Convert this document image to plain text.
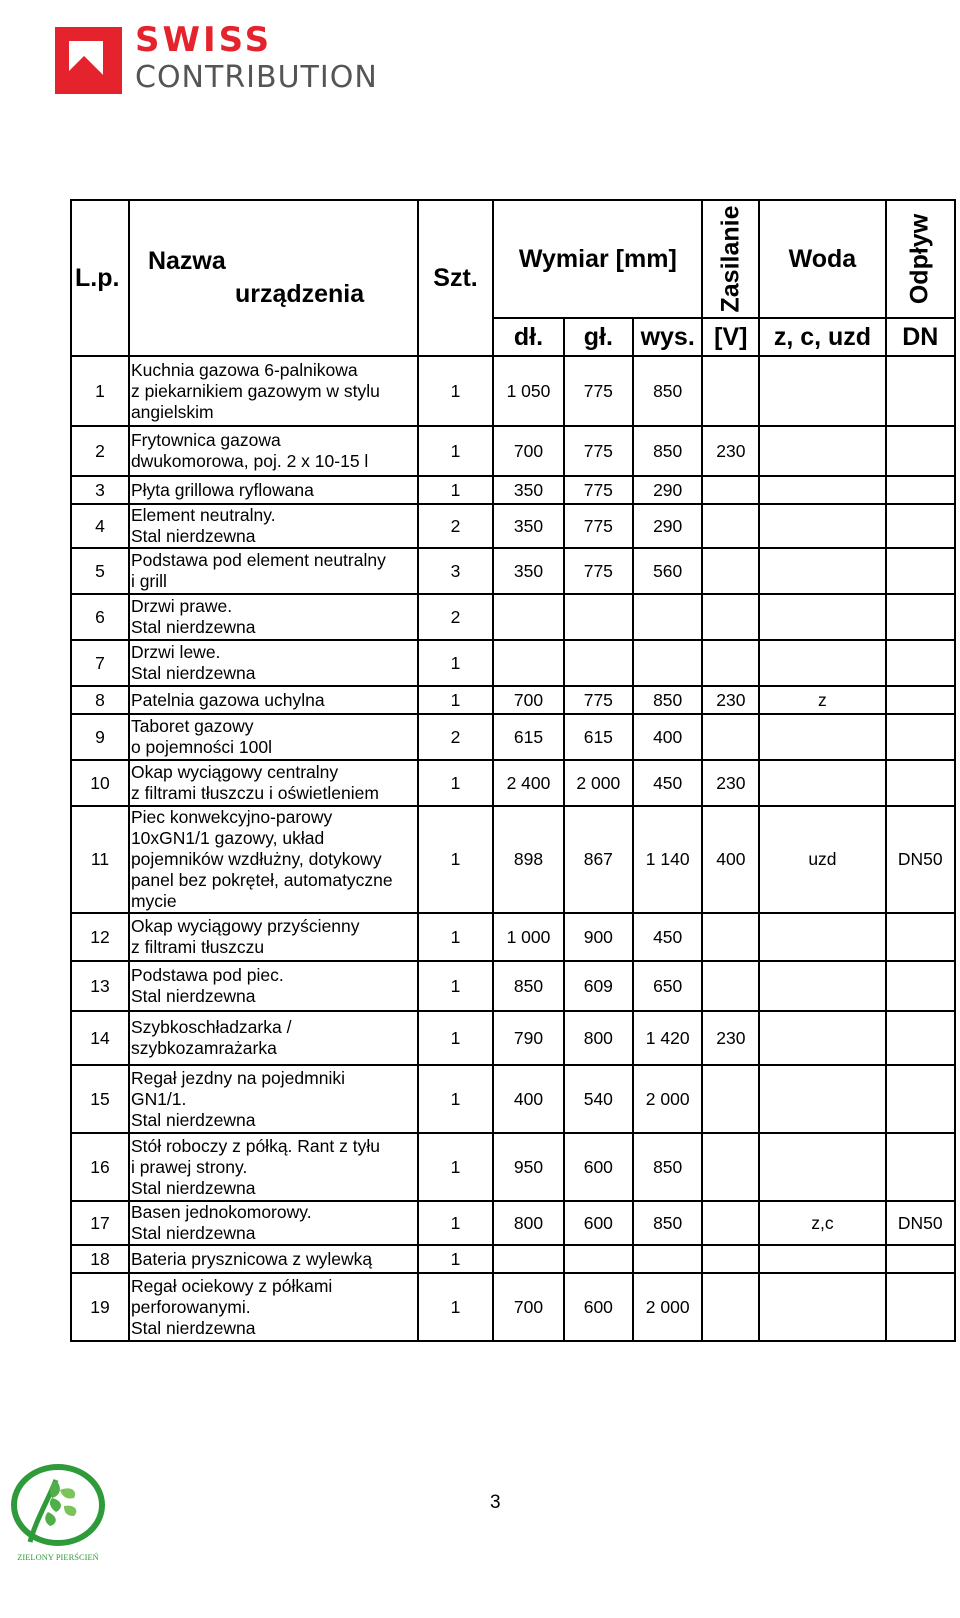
SWISS
CONTRIBUTION
L.p.	Nazwa
urządzenia	Szt.	Wymiar [mm]			Zasilanie	Woda	Odpływ

			dł.	gł.	wys.	[V]	z, c, uzd	DN
1	Kuchnia gazowa 6-palnikowa
z piekarnikiem gazowym w stylu
angielskim	1	1 050	775	850			
2	Frytownica gazowa
dwukomorowa, poj. 2 x 10-15 l	1	700	775	850	230		
3	Płyta grillowa ryflowana	1	350	775	290			
4	Element neutralny.
Stal nierdzewna	2	350	775	290			
5	Podstawa pod element neutralny
i grill	3	350	775	560			
6	Drzwi prawe.
Stal nierdzewna	2						
7	Drzwi lewe.
Stal nierdzewna	1						
8	Patelnia gazowa uchylna	1	700	775	850	230	z	
9	Taboret gazowy
o pojemności 100l	2	615	615	400			
10	Okap wyciągowy centralny
z filtrami tłuszczu i oświetleniem	1	2 400	2 000	450	230		
11	Piec konwekcyjno-parowy
10xGN1/1 gazowy, układ
pojemników wzdłużny, dotykowy
panel bez pokręteł, automatyczne
mycie	1	898	867	1 140	400	uzd	DN50
12	Okap wyciągowy przyścienny
z filtrami tłuszczu	1	1 000	900	450			
13	Podstawa pod piec.
Stal nierdzewna	1	850	609	650			
14	Szybkoschładzarka /
szybkozamrażarka	1	790	800	1 420	230		
15	Regał jezdny na pojedmniki
GN1/1.
Stal nierdzewna	1	400	540	2 000			
16	Stół roboczy z półką. Rant z tyłu
i prawej strony.
Stal nierdzewna	1	950	600	850			
17	Basen jednokomorowy.
Stal nierdzewna	1	800	600	850		z,c	DN50
18	Bateria prysznicowa z wylewką	1						
19	Regał ociekowy z półkami
perforowanymi.
Stal nierdzewna	1	700	600	2 000			
ZIELONY PIERŚCIEŃ
3
